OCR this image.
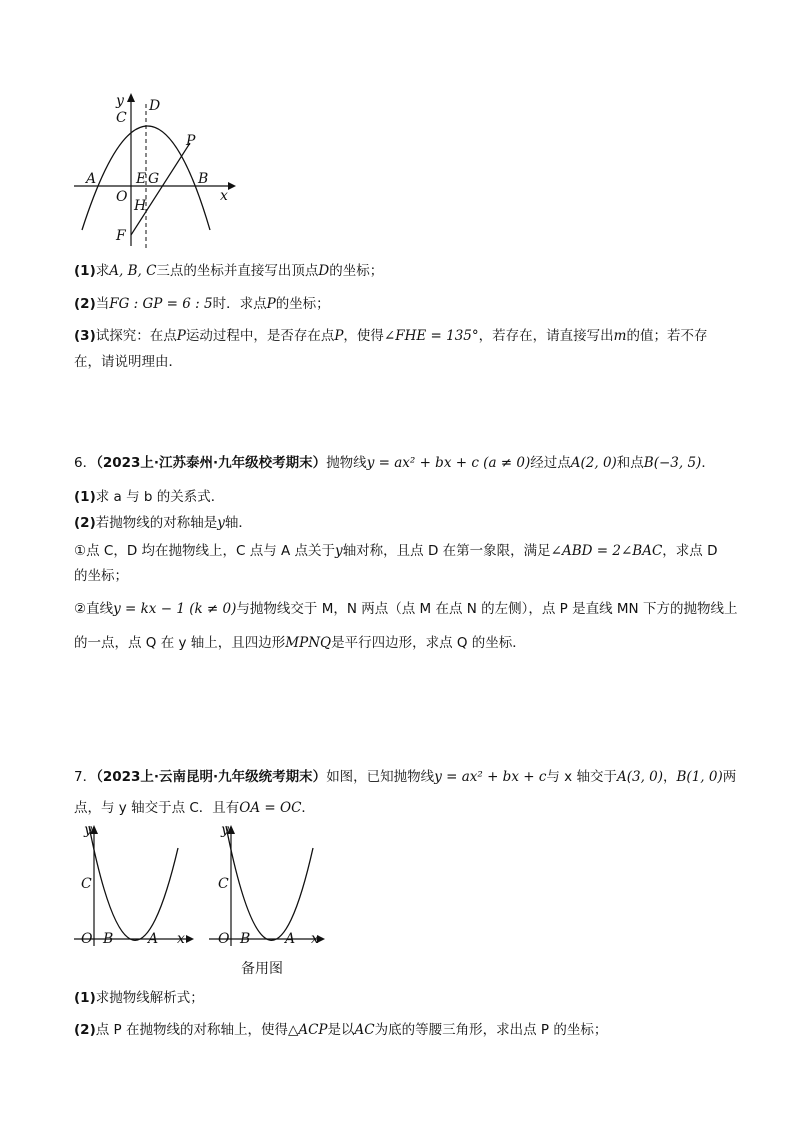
y D
C
P
A	E G	B
x
O
H
F
(1)求A, B, C三点的坐标并直接写出顶点D的坐标；
(2)当FG : GP = 6 : 5时．求点P的坐标；
(3)试探究：在点P运动过程中，是否存在点P，使得∠FHE = 135°，若存在，请直接写出m的值；若不存
在，请说明理由．
6．（2023上·江苏泰州·九年级校考期末）抛物线y = ax² + bx + c (a ≠ 0)经过点A(2, 0)和点B(−3, 5)．
(1)求 a 与 b 的关系式．
(2)若抛物线的对称轴是y轴．
①点 C，D 均在抛物线上，C 点与 A 点关于y轴对称，且点 D 在第一象限，满足∠ABD = 2∠BAC，求点 D
的坐标；
②直线y = kx − 1 (k ≠ 0)与抛物线交于 M，N 两点（点 M 在点 N 的左侧），点 P 是直线 MN 下方的抛物线上
的一点，点 Q 在 y 轴上，且四边形MPNQ是平行四边形，求点 Q 的坐标．
7．（2023上·云南昆明·九年级统考期末）如图，已知抛物线y = ax² + bx + c与 x 轴交于A(3, 0)，B(1, 0)两
点，与 y 轴交于点 C．且有OA = OC．
y
C
O B A x
y
C
O B A x
备用图
(1)求抛物线解析式；
(2)点 P 在抛物线的对称轴上，使得△ACP是以AC为底的等腰三角形，求出点 P 的坐标；
